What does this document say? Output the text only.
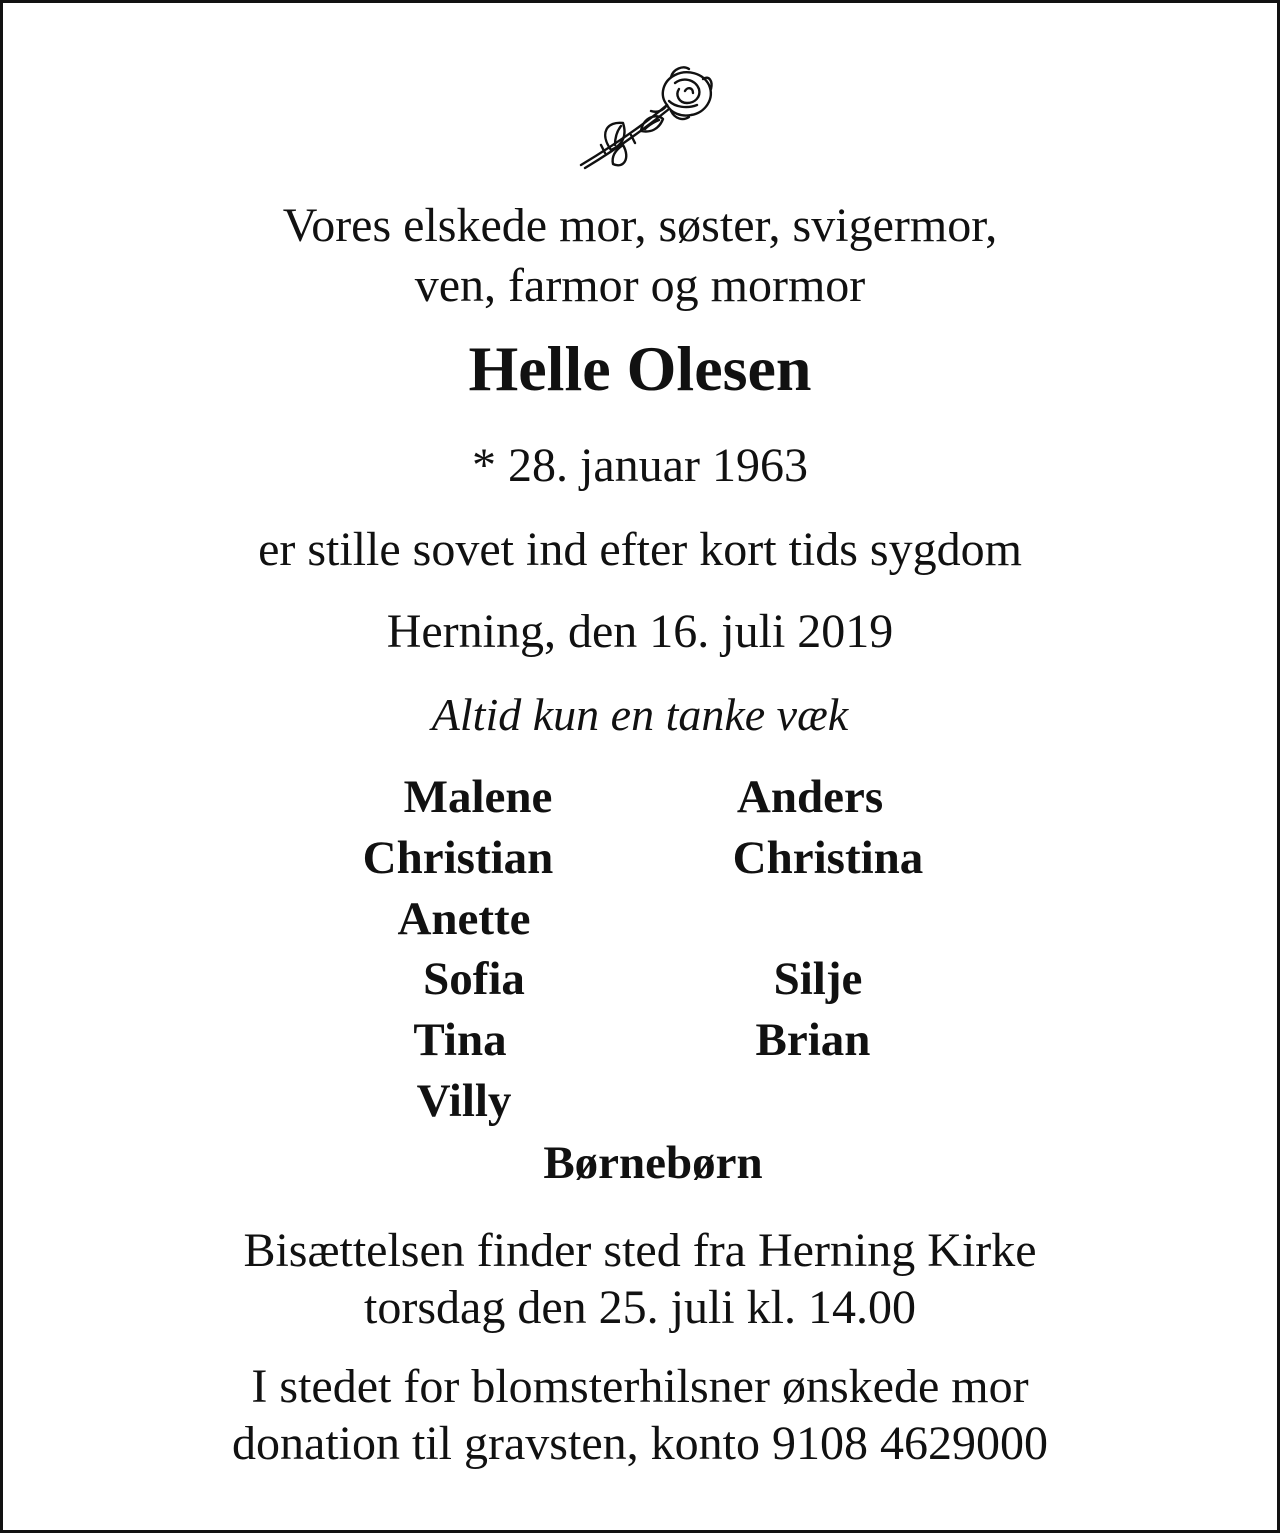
Vores elskede mor, søster, svigermor,
ven, farmor og mormor
Helle Olesen
* 28. januar 1963
er stille sovet ind efter kort tids sygdom
Herning, den 16. juli 2019
Altid kun en tanke væk
Malene	Anders
Christian	Christina
Anette
Sofia	Silje
Tina	Brian
Villy
Børnebørn
Bisættelsen finder sted fra Herning Kirke
torsdag den 25. juli kl. 14.00
I stedet for blomsterhilsner ønskede mor
donation til gravsten, konto 9108 4629000
